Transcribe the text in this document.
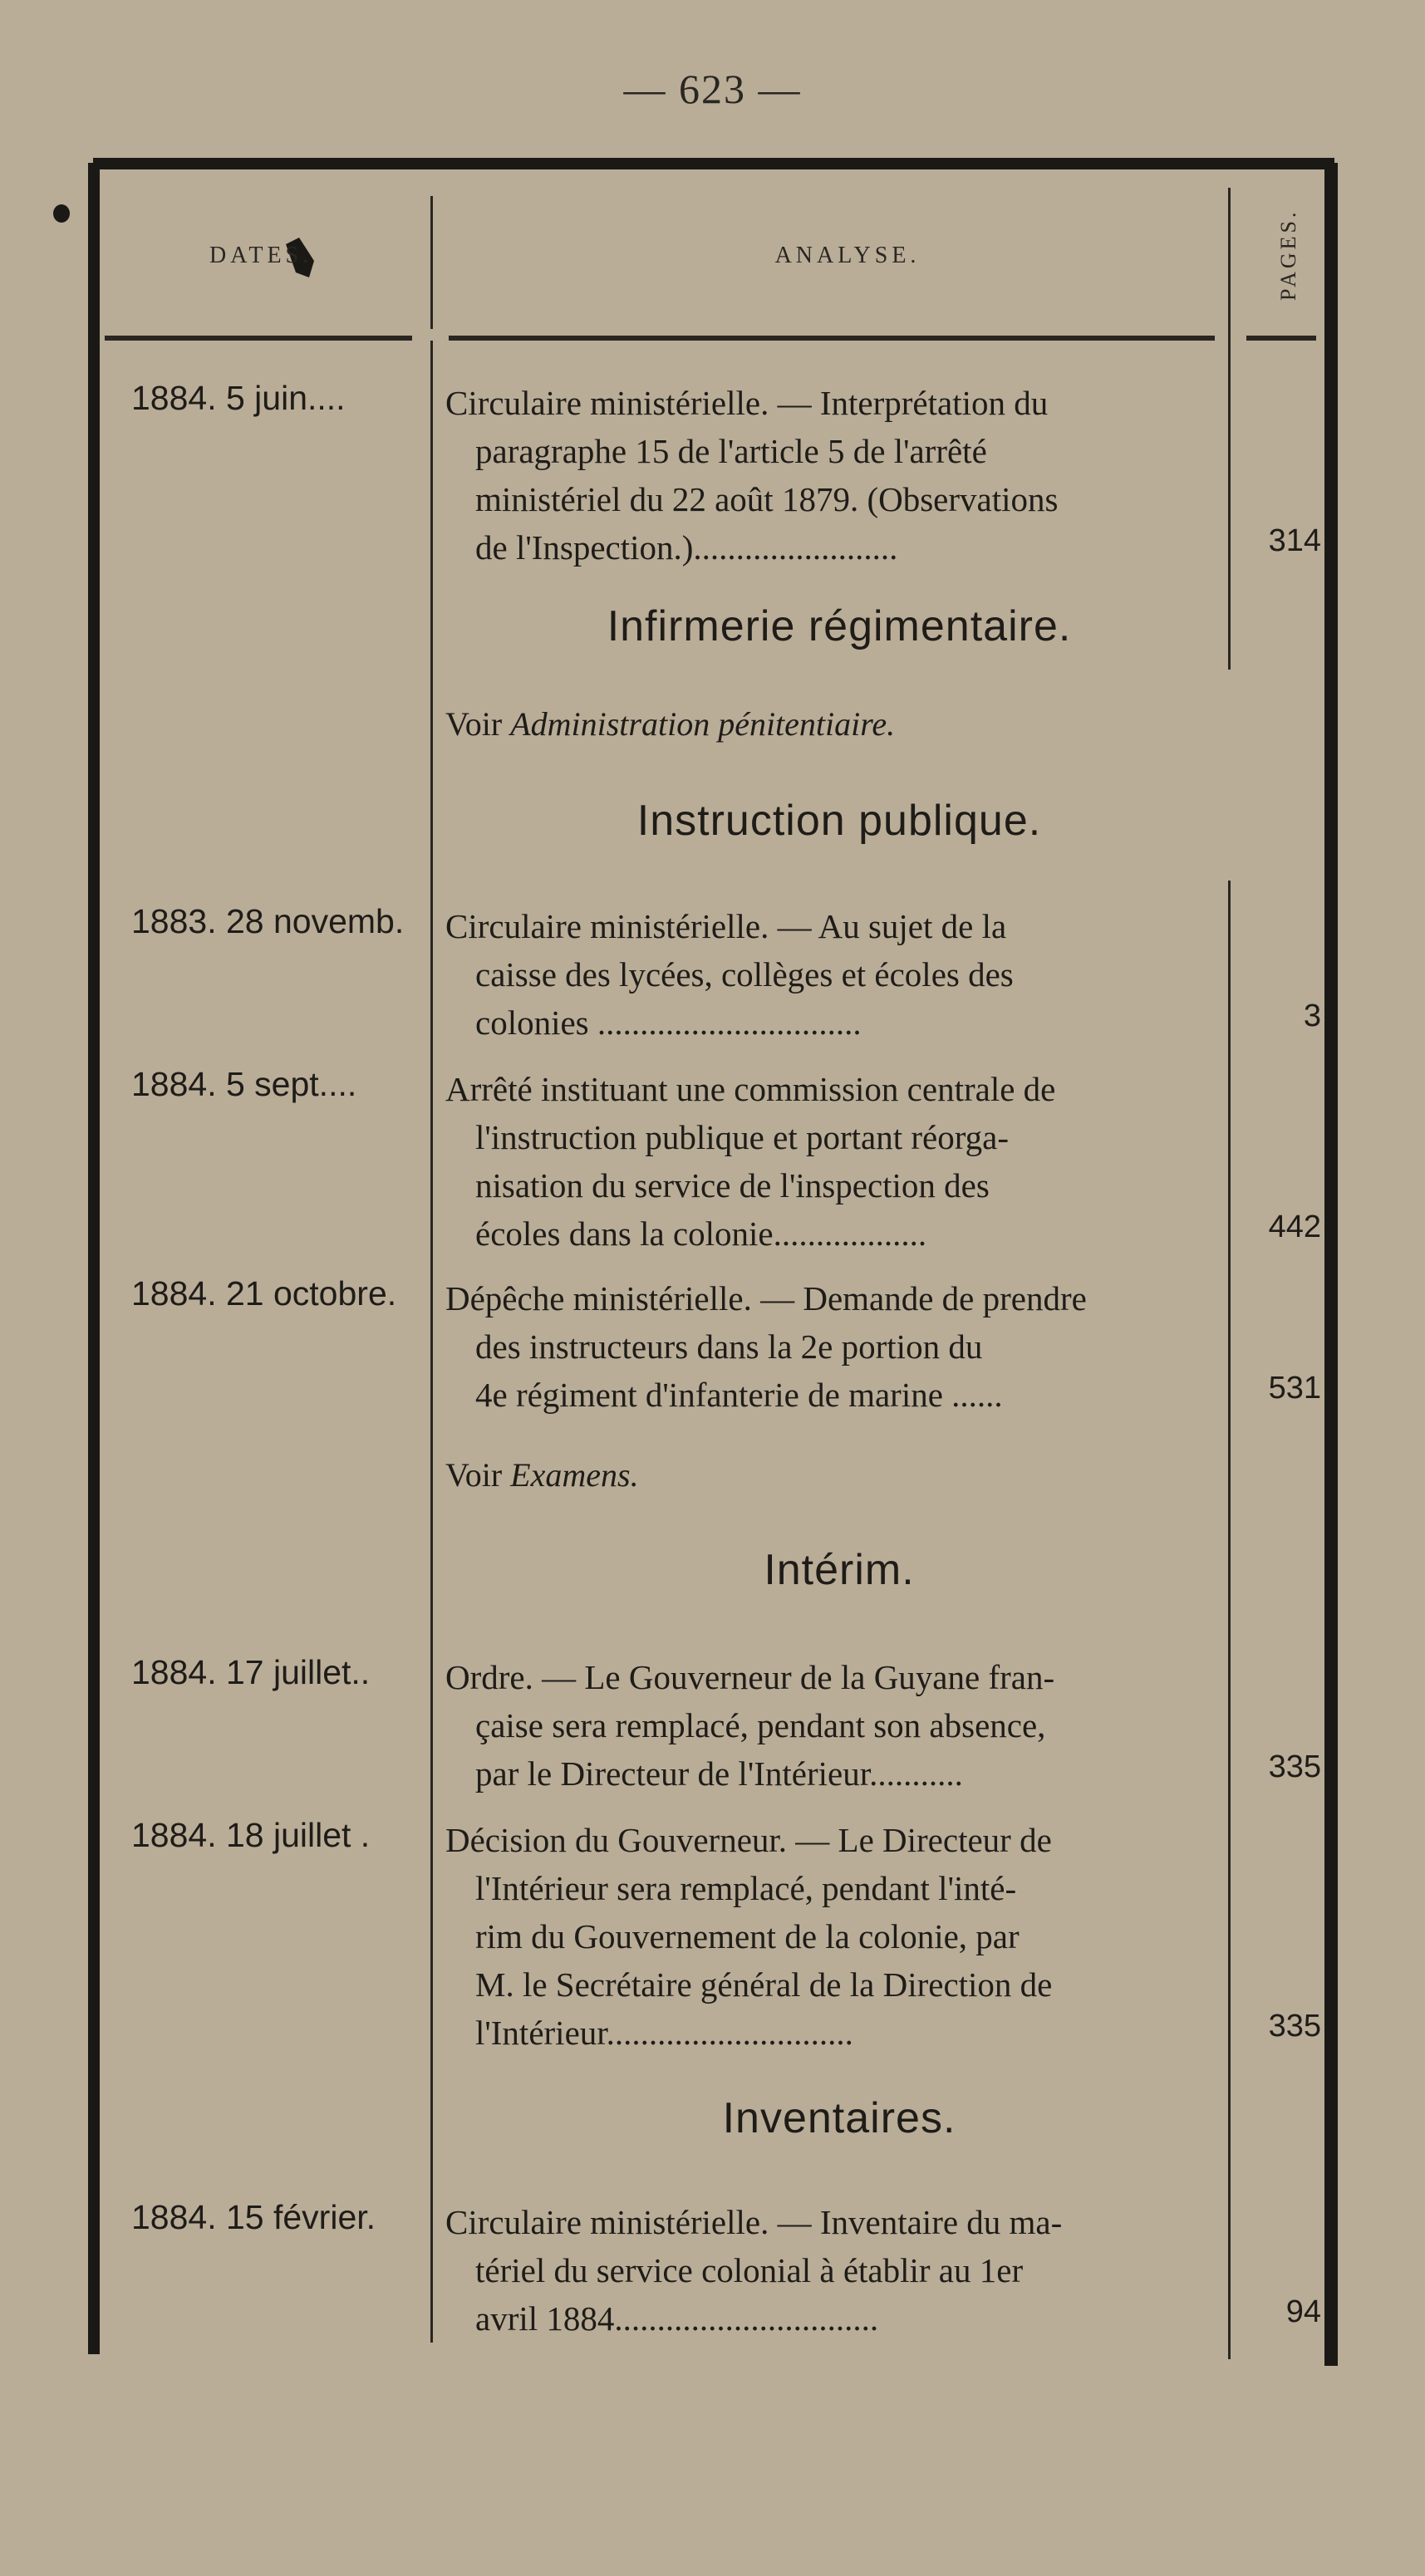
— 623 —
DATES.	ANALYSE.	PAGES.
1884. 5 juin....	Circulaire ministérielle. — Interprétation du
paragraphe 15 de l'article 5 de l'arrêté
ministériel du 22 août 1879. (Observations
de l'Inspection.)........................	314
Infirmerie régimentaire.
Voir Administration pénitentiaire.
Instruction publique.
1883. 28 novemb. Circulaire ministérielle. — Au sujet de la
caisse des lycées, collèges et écoles des
colonies ...............................	3
1884. 5 sept....	Arrêté instituant une commission centrale de
l'instruction publique et portant réorga-
nisation du service de l'inspection des
écoles dans la colonie..................	442
1884. 21 octobre. Dépêche ministérielle. — Demande de prendre
des instructeurs dans la 2e portion du
4e régiment d'infanterie de marine ......	531
Voir Examens.
Intérim.
1884. 17 juillet.. Ordre. — Le Gouverneur de la Guyane fran-
çaise sera remplacé, pendant son absence,
par le Directeur de l'Intérieur...........	335
1884. 18 juillet . Décision du Gouverneur. — Le Directeur de
l'Intérieur sera remplacé, pendant l'inté-
rim du Gouvernement de la colonie, par
M. le Secrétaire général de la Direction de
l'Intérieur.............................	335
Inventaires.
1884. 15 février. Circulaire ministérielle. — Inventaire du ma-
tériel du service colonial à établir au 1er
avril 1884...............................	94
